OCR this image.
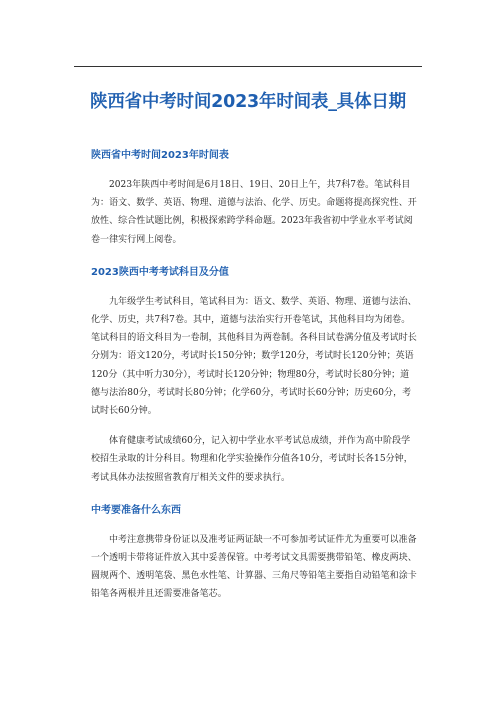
陕西省中考时间2023年时间表_具体日期
陕西省中考时间2023年时间表

2023年陕西中考时间是6月18日、19日、20日上午，共7科7卷。笔试科目为：语文、数学、英语、物理、道德与法治、化学、历史。命题将提高探究性、开放性、综合性试题比例，积极探索跨学科命题。2023年我省初中学业水平考试阅卷一律实行网上阅卷。

2023陕西中考考试科目及分值

九年级学生考试科目，笔试科目为：语文、数学、英语、物理、道德与法治、化学、历史，共7科7卷。其中，道德与法治实行开卷笔试，其他科目均为闭卷。笔试科目的语文科目为一卷制，其他科目为两卷制。各科目试卷满分值及考试时长分别为：语文120分，考试时长150分钟；数学120分，考试时长120分钟；英语120分（其中听力30分），考试时长120分钟；物理80分，考试时长80分钟；道德与法治80分，考试时长80分钟；化学60分，考试时长60分钟；历史60分，考试时长60分钟。

体育健康考试成绩60分，记入初中学业水平考试总成绩，并作为高中阶段学校招生录取的计分科目。物理和化学实验操作分值各10分，考试时长各15分钟，考试具体办法按照省教育厅相关文件的要求执行。

中考要准备什么东西

中考注意携带身份证以及准考证两证缺一不可参加考试证件尤为重要可以准备一个透明卡带将证件放入其中妥善保管。中考考试文具需要携带铅笔、橡皮两块、圆规两个、透明笔袋、黑色水性笔、计算器、三角尺等铅笔主要指自动铅笔和涂卡铅笔各两根并且还需要准备笔芯。
